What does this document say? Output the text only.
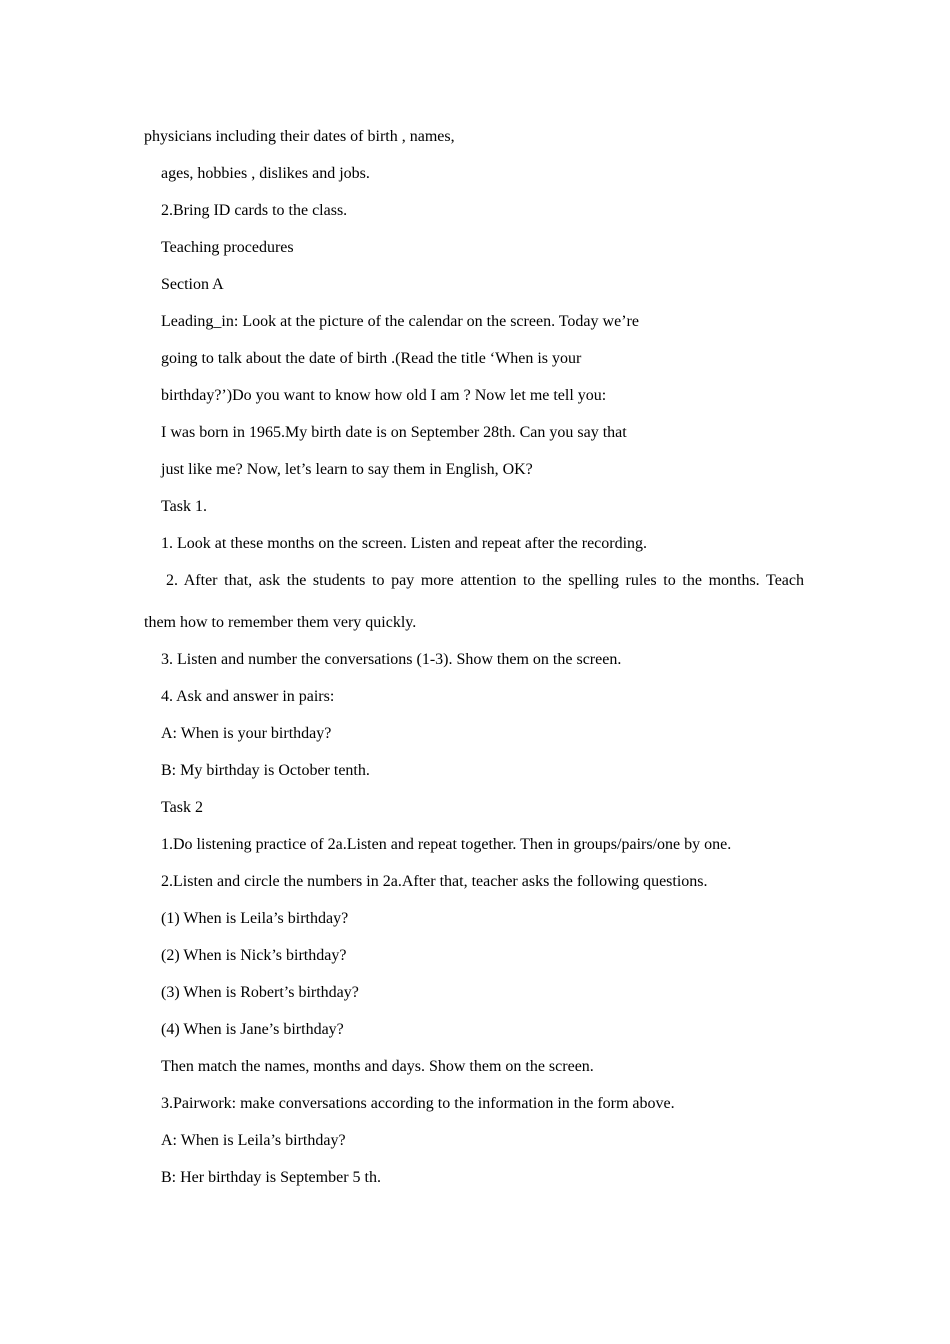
physicians including their dates of birth , names,
ages, hobbies , dislikes and jobs.
2.Bring ID cards to the class.
Teaching procedures
Section A
Leading_in: Look at the picture of the calendar on the screen. Today we’re
going to talk about the date of birth .(Read the title ‘When is your
birthday?’)Do you want to know how old I am ? Now let me tell you:
I was born in 1965.My birth date is on September 28th. Can you say that
just like me? Now, let’s learn to say them in English, OK?
Task 1.
1. Look at these months on the screen. Listen and repeat after the recording.
2. After that, ask the students to pay more attention to the spelling rules to the months. Teach
them how to remember them very quickly.
3. Listen and number the conversations (1-3). Show them on the screen.
4. Ask and answer in pairs:
A: When is your birthday?
B: My birthday is October tenth.
Task 2
1.Do listening practice of 2a.Listen and repeat together. Then in groups/pairs/one by one.
2.Listen and circle the numbers in 2a.After that, teacher asks the following questions.
(1) When is Leila’s birthday?
(2) When is Nick’s birthday?
(3) When is Robert’s birthday?
(4) When is Jane’s birthday?
Then match the names, months and days. Show them on the screen.
3.Pairwork: make conversations according to the information in the form above.
A: When is Leila’s birthday?
B: Her birthday is September 5 th.
